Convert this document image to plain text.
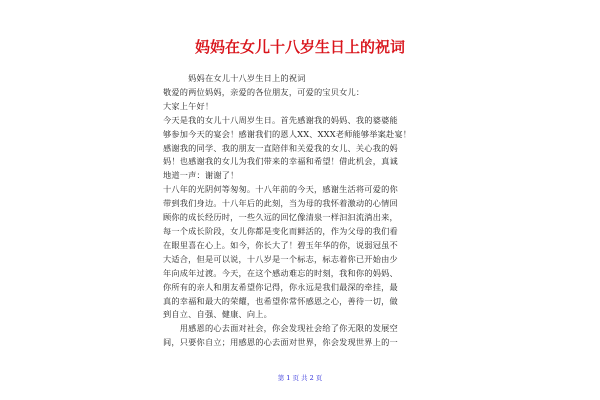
妈妈在女儿十八岁生日上的祝词

　　　妈妈在女儿十八岁生日上的祝词

敬爱的两位妈妈，亲爱的各位朋友，可爱的宝贝女儿：

大家上午好！

今天是我的女儿十八周岁生日。首先感谢我的妈妈、我的婆婆能

够参加今天的宴会！感谢我们的恩人XX、XXX老师能够举案赴宴！

感谢我的同学、我的朋友一直陪伴和关爱我的女儿、关心我的妈

妈！也感谢我的女儿为我们带来的幸福和希望！借此机会，真诚

地道一声：谢谢了！

十八年的光阴何等匆匆。十八年前的今天，感谢生活将可爱的你

带到我们身边。十八年后的此刻，当为母的我怀着激动的心情回

顾你的成长经历时，一些久远的回忆像清泉一样汩汩流淌出来，

每一个成长阶段，女儿你都是变化而鲜活的，作为父母的我们看

在眼里喜在心上。如今，你长大了！碧玉年华的你，说弱冠虽不

大适合，但是可以说，十八岁是一个标志，标志着你已开始由少

年向成年过渡。今天，在这个感动难忘的时刻，我和你的妈妈、

你所有的亲人和朋友希望你记得，你永远是我们最深的牵挂，最

真的幸福和最大的荣耀，也希望你常怀感恩之心，善待一切，做

到自立、自强、健康、向上。

　　用感恩的心去面对社会，你会发现社会给了你无限的发展空

间，只要你自立；用感恩的心去面对世界，你会发现世界上的一

第 1 页 共 2 页
